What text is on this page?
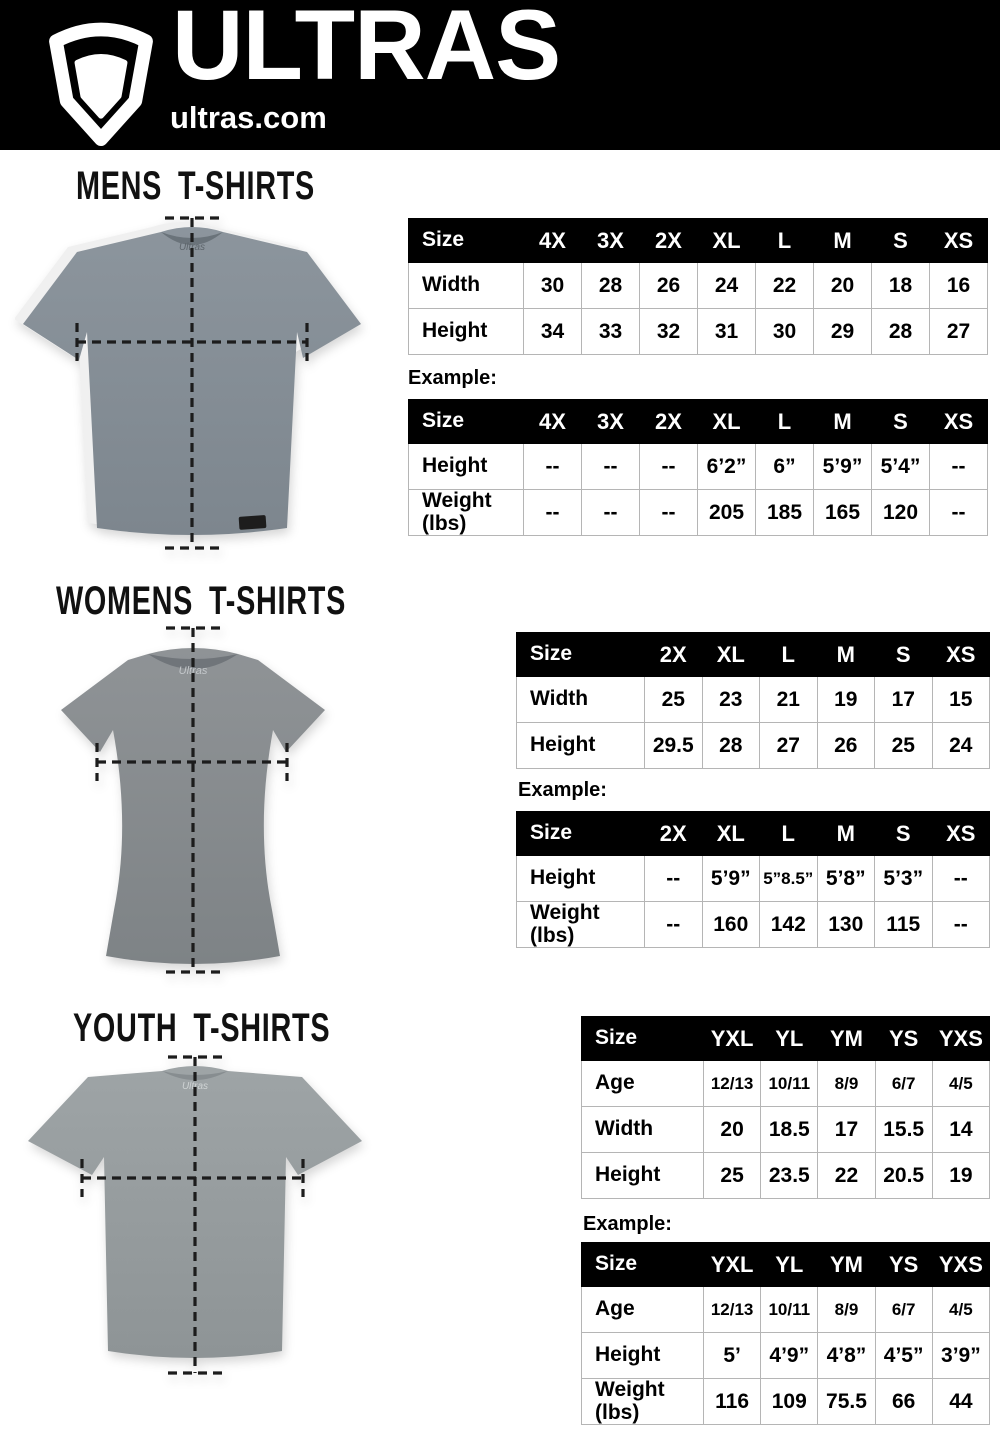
ULTRAS
ultras.com
MENS T-SHIRTS
Ultras	Size	4X	3X	2X	XL	L	M	S	XS
Width	30	28	26	24	22	20	18	16
Height	34	33	32	31	30	29	28	27
Example:
Size	4X	3X	2X	XL	L	M	S	XS
Height	--	--	--	6’2”	6”	5’9”	5’4”	--
Weight (lbs)	--	--	--	205	185	165	120	--
WOMENS T-SHIRTS
Ultras
Size	2X	XL	L	M	S	XS
Width	25	23	21	19	17	15
Height	29.5	28	27	26	25	24
Example:
Size	2X	XL	L	M	S	XS
Height	--	5’9”	5”8.5”	5’8”	5’3”	--
Weight (lbs)	--	160	142	130	115	--
YOUTH T-SHIRTS
Ultras
Size	YXL	YL	YM	YS	YXS
Age	12/13	10/11	8/9	6/7	4/5
Width	20	18.5	17	15.5	14
Height	25	23.5	22	20.5	19
Example:
Size	YXL	YL	YM	YS	YXS
Age	12/13	10/11	8/9	6/7	4/5
Height	5’	4’9”	4’8”	4’5”	3’9”
Weight (lbs)	116	109	75.5	66	44
